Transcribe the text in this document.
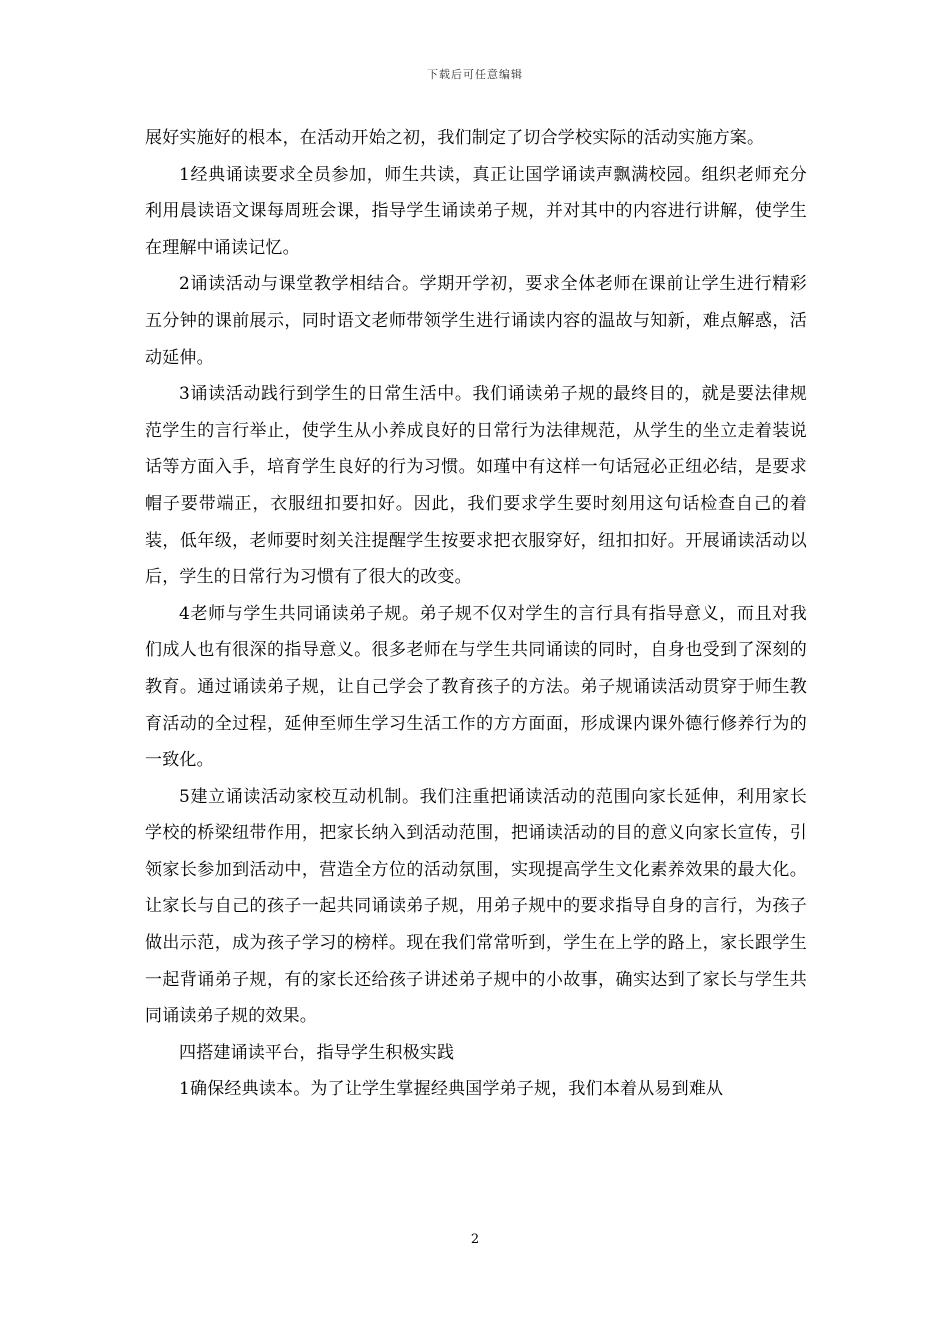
下载后可任意编辑

展好实施好的根本，在活动开始之初，我们制定了切合学校实际的活动实施方案。

1经典诵读要求全员参加，师生共读，真正让国学诵读声飘满校园。组织老师充分利用晨读语文课每周班会课，指导学生诵读弟子规，并对其中的内容进行讲解，使学生在理解中诵读记忆。

2诵读活动与课堂教学相结合。学期开学初，要求全体老师在课前让学生进行精彩五分钟的课前展示，同时语文老师带领学生进行诵读内容的温故与知新，难点解惑，活动延伸。

3诵读活动践行到学生的日常生活中。我们诵读弟子规的最终目的，就是要法律规范学生的言行举止，使学生从小养成良好的日常行为法律规范，从学生的坐立走着装说话等方面入手，培育学生良好的行为习惯。如瑾中有这样一句话冠必正纽必结，是要求帽子要带端正，衣服纽扣要扣好。因此，我们要求学生要时刻用这句话检查自己的着装，低年级，老师要时刻关注提醒学生按要求把衣服穿好，纽扣扣好。开展诵读活动以后，学生的日常行为习惯有了很大的改变。

4老师与学生共同诵读弟子规。弟子规不仅对学生的言行具有指导意义，而且对我们成人也有很深的指导意义。很多老师在与学生共同诵读的同时，自身也受到了深刻的教育。通过诵读弟子规，让自己学会了教育孩子的方法。弟子规诵读活动贯穿于师生教育活动的全过程，延伸至师生学习生活工作的方方面面，形成课内课外德行修养行为的一致化。

5建立诵读活动家校互动机制。我们注重把诵读活动的范围向家长延伸，利用家长学校的桥梁纽带作用，把家长纳入到活动范围，把诵读活动的目的意义向家长宣传，引领家长参加到活动中，营造全方位的活动氛围，实现提高学生文化素养效果的最大化。让家长与自己的孩子一起共同诵读弟子规，用弟子规中的要求指导自身的言行，为孩子做出示范，成为孩子学习的榜样。现在我们常常听到，学生在上学的路上，家长跟学生一起背诵弟子规，有的家长还给孩子讲述弟子规中的小故事，确实达到了家长与学生共同诵读弟子规的效果。

四搭建诵读平台，指导学生积极实践

1确保经典读本。为了让学生掌握经典国学弟子规，我们本着从易到难从

2
